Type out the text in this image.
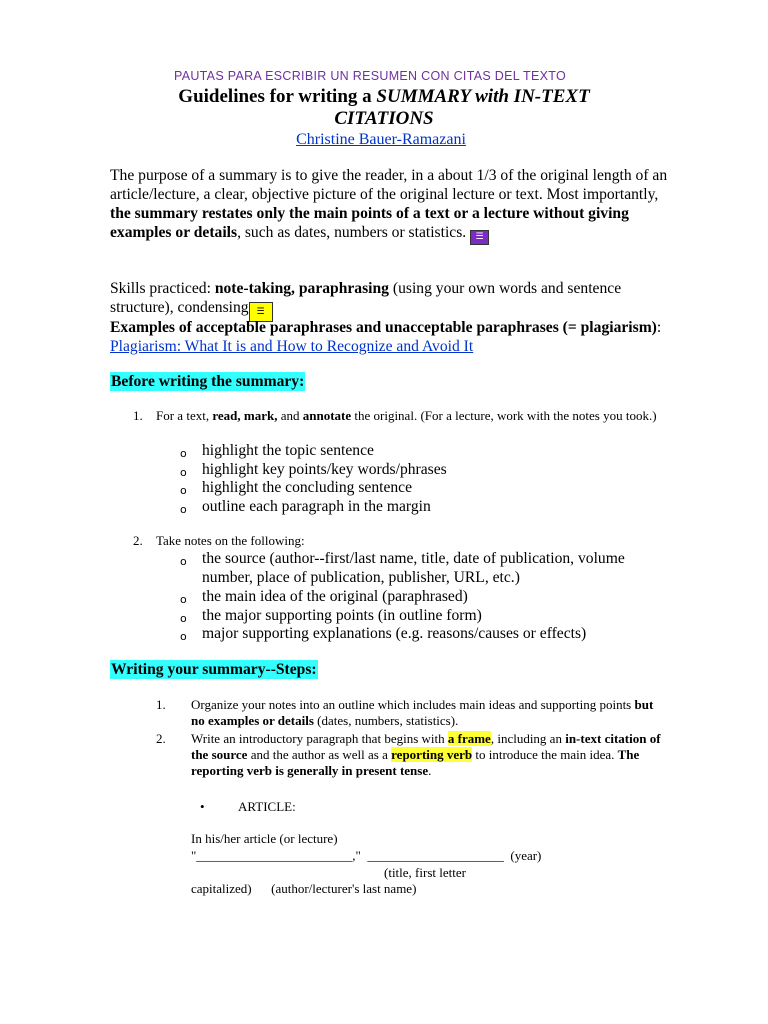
PAUTAS PARA ESCRIBIR UN RESUMEN CON CITAS DEL TEXTO
Guidelines for writing a SUMMARY with IN-TEXT
CITATIONS
Christine Bauer-Ramazani
The purpose of a summary is to give the reader, in a about 1/3 of the original length of an article/lecture, a clear, objective picture of the original lecture or text. Most importantly, the summary restates only the main points of a text or a lecture without giving examples or details, such as dates, numbers or statistics. ☰
Skills practiced: note-taking, paraphrasing (using your own words and sentence structure), condensing ☰
Examples of acceptable paraphrases and unacceptable paraphrases (= plagiarism): Plagiarism: What It is and How to Recognize and Avoid It
Before writing the summary:
1. For a text, read, mark, and annotate the original. (For a lecture, work with the notes you took.)
o highlight the topic sentence
o highlight key points/key words/phrases
o highlight the concluding sentence
o outline each paragraph in the margin
2. Take notes on the following:
o the source (author--first/last name, title, date of publication, volume number, place of publication, publisher, URL, etc.)
o the main idea of the original (paraphrased)
o the major supporting points (in outline form)
o major supporting explanations (e.g. reasons/causes or effects)
Writing your summary--Steps:
1. Organize your notes into an outline which includes main ideas and supporting points but no examples or details (dates, numbers, statistics).
2. Write an introductory paragraph that begins with a frame, including an in-text citation of the source and the author as well as a reporting verb to introduce the main idea. The reporting verb is generally in present tense.
•	ARTICLE:
In his/her article (or lecture)
"________________________,"  _____________________  (year)
(title, first letter
capitalized)      (author/lecturer's last name)
